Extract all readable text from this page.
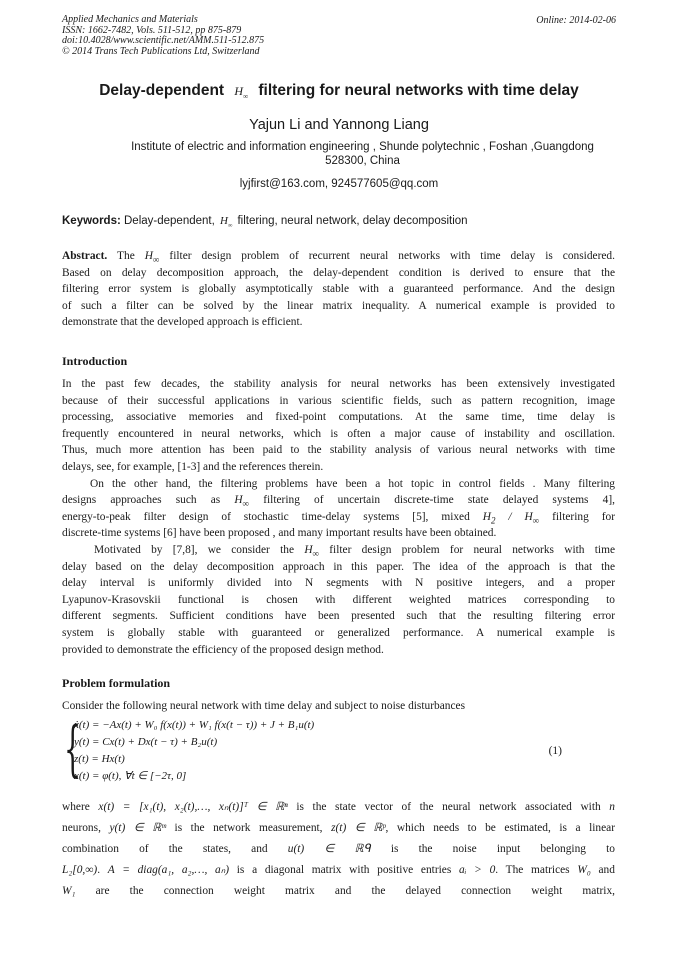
Applied Mechanics and Materials
ISSN: 1662-7482, Vols. 511-512, pp 875-879
doi:10.4028/www.scientific.net/AMM.511-512.875
© 2014 Trans Tech Publications Ltd, Switzerland
Online: 2014-02-06
Delay-dependent $H_\infty$ filtering for neural networks with time delay
Yajun Li and Yannong Liang
Institute of electric and information engineering , Shunde polytechnic , Foshan ,Guangdong
528300, China
lyjfirst@163.com, 924577605@qq.com
Keywords: Delay-dependent, $H_\infty$ filtering, neural network, delay decomposition
Abstract. The $H_\infty$ filter design problem of recurrent neural networks with time delay is considered.
Based on delay decomposition approach, the delay-dependent condition is derived to ensure that the
filtering error system is globally asymptotically stable with a guaranteed performance. And the design
of such a filter can be solved by the linear matrix inequality. A numerical example is provided to
demonstrate that the developed approach is efficient.
Introduction
In the past few decades, the stability analysis for neural networks has been extensively investigated
because of their successful applications in various scientific fields, such as pattern recognition, image
processing, associative memories and fixed-point computations. At the same time, time delay is
frequently encountered in neural networks, which is often a major cause of instability and oscillation.
Thus, much more attention has been paid to the stability analysis of various neural networks with time
delays, see, for example, [1-3] and the references therein.
On the other hand, the filtering problems have been a hot topic in control fields . Many filtering
designs approaches such as $H_\infty$ filtering of uncertain discrete-time state delayed systems 4],
energy-to-peak filter design of stochastic time-delay systems [5], mixed $H_2 / H_\infty$ filtering for
discrete-time systems [6] have been proposed , and many important results have been obtained.
Motivated by [7,8], we consider the $H_\infty$ filter design problem for neural networks with time
delay based on the delay decomposition approach in this paper. The idea of the approach is that the
delay interval is uniformly divided into N segments with N positive integers, and a proper
Lyapunov-Krasovskii functional is chosen with different weighted matrices corresponding to
different segments. Sufficient conditions have been presented such that the resulting filtering error
system is globally stable with guaranteed or generalized performance. A numerical example is
provided to demonstrate the efficiency of the proposed design method.
Problem formulation
Consider the following neural network with time delay and subject to noise disturbances
{
ẋ(t) = −Ax(t) + W₀ f(x(t)) + W₁ f(x(t − τ)) + J + B₁u(t)
y(t) = Cx(t) + Dx(t − τ) + B₂u(t)
z(t) = Hx(t)
x(t) = φ(t), ∀t ∈ [−2τ, 0]
(1)
where x(t) = [x₁(t), x₂(t),…, xₙ(t)]ᵀ ∈ ℝⁿ is the state vector of the neural network associated with n
neurons, y(t) ∈ ℝᵐ is the network measurement, z(t) ∈ ℝᵖ, which needs to be estimated, is a linear
combination of the states, and u(t) ∈ ℝᑫ is the noise input belonging to
L₂[0,∞). A = diag(a₁, a₂,…, aₙ) is a diagonal matrix with positive entries aᵢ > 0. The matrices W₀ and
W₁ are the connection weight matrix and the delayed connection weight matrix,
